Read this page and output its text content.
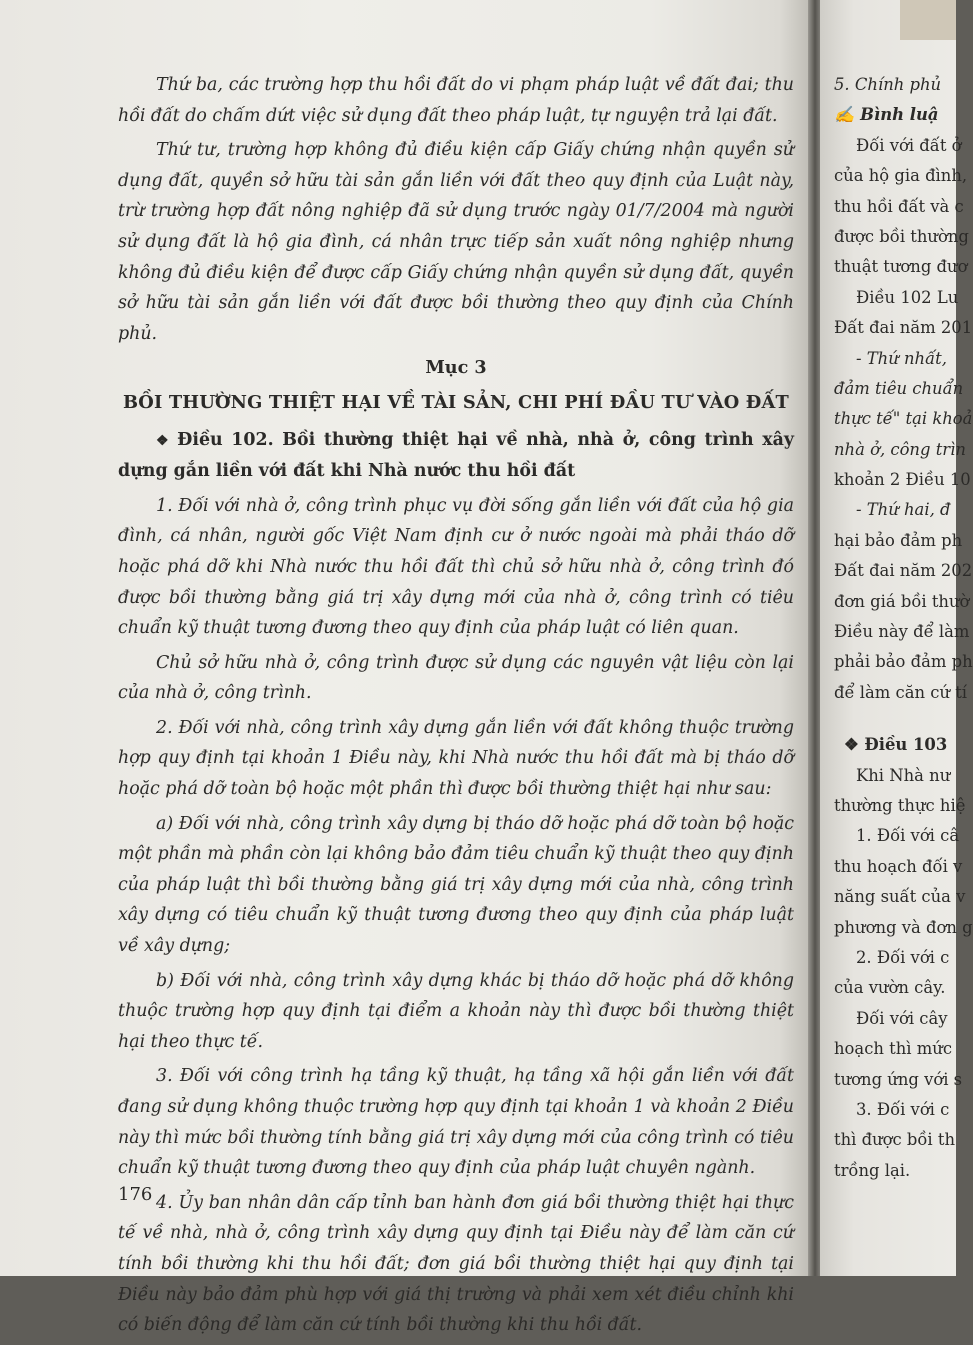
Thứ ba, các trường hợp thu hồi đất do vi phạm pháp luật về đất đai; thu hồi đất do chấm dứt việc sử dụng đất theo pháp luật, tự nguyện trả lại đất.

Thứ tư, trường hợp không đủ điều kiện cấp Giấy chứng nhận quyền sử dụng đất, quyền sở hữu tài sản gắn liền với đất theo quy định của Luật này, trừ trường hợp đất nông nghiệp đã sử dụng trước ngày 01/7/2004 mà người sử dụng đất là hộ gia đình, cá nhân trực tiếp sản xuất nông nghiệp nhưng không đủ điều kiện để được cấp Giấy chứng nhận quyền sử dụng đất, quyền sở hữu tài sản gắn liền với đất được bồi thường theo quy định của Chính phủ.

Mục 3
BỒI THƯỜNG THIỆT HẠI VỀ TÀI SẢN, CHI PHÍ ĐẦU TƯ VÀO ĐẤT

❖ Điều 102. Bồi thường thiệt hại về nhà, nhà ở, công trình xây dựng gắn liền với đất khi Nhà nước thu hồi đất

1. Đối với nhà ở, công trình phục vụ đời sống gắn liền với đất của hộ gia đình, cá nhân, người gốc Việt Nam định cư ở nước ngoài mà phải tháo dỡ hoặc phá dỡ khi Nhà nước thu hồi đất thì chủ sở hữu nhà ở, công trình đó được bồi thường bằng giá trị xây dựng mới của nhà ở, công trình có tiêu chuẩn kỹ thuật tương đương theo quy định của pháp luật có liên quan.

Chủ sở hữu nhà ở, công trình được sử dụng các nguyên vật liệu còn lại của nhà ở, công trình.

2. Đối với nhà, công trình xây dựng gắn liền với đất không thuộc trường hợp quy định tại khoản 1 Điều này, khi Nhà nước thu hồi đất mà bị tháo dỡ hoặc phá dỡ toàn bộ hoặc một phần thì được bồi thường thiệt hại như sau:

a) Đối với nhà, công trình xây dựng bị tháo dỡ hoặc phá dỡ toàn bộ hoặc một phần mà phần còn lại không bảo đảm tiêu chuẩn kỹ thuật theo quy định của pháp luật thì bồi thường bằng giá trị xây dựng mới của nhà, công trình xây dựng có tiêu chuẩn kỹ thuật tương đương theo quy định của pháp luật về xây dựng;

b) Đối với nhà, công trình xây dựng khác bị tháo dỡ hoặc phá dỡ không thuộc trường hợp quy định tại điểm a khoản này thì được bồi thường thiệt hại theo thực tế.

3. Đối với công trình hạ tầng kỹ thuật, hạ tầng xã hội gắn liền với đất đang sử dụng không thuộc trường hợp quy định tại khoản 1 và khoản 2 Điều này thì mức bồi thường tính bằng giá trị xây dựng mới của công trình có tiêu chuẩn kỹ thuật tương đương theo quy định của pháp luật chuyên ngành.

4. Ủy ban nhân dân cấp tỉnh ban hành đơn giá bồi thường thiệt hại thực tế về nhà, nhà ở, công trình xây dựng quy định tại Điều này để làm căn cứ tính bồi thường khi thu hồi đất; đơn giá bồi thường thiệt hại quy định tại Điều này bảo đảm phù hợp với giá thị trường và phải xem xét điều chỉnh khi có biến động để làm căn cứ tính bồi thường khi thu hồi đất.

176
5. Chính phủ
✍ Bình luậ
Đối với đất ở
của hộ gia đình,
thu hồi đất và c
được bồi thường
thuật tương đươ
Điều 102 Lu
Đất đai năm 201
- Thứ nhất,
đảm tiêu chuẩn
thực tế" tại khoả
nhà ở, công trìn
khoản 2 Điều 10
- Thứ hai, đ
hại bảo đảm ph
Đất đai năm 202
đơn giá bồi thườ
Điều này để làm
phải bảo đảm ph
để làm căn cứ tí
❖ Điều 103
Khi Nhà nư
thường thực hiệ
1. Đối với câ
thu hoạch đối v
năng suất của v
phương và đơn g
2. Đối với c
của vườn cây.
Đối với cây
hoạch thì mức
tương ứng với s
3. Đối với c
thì được bồi th
trồng lại.
